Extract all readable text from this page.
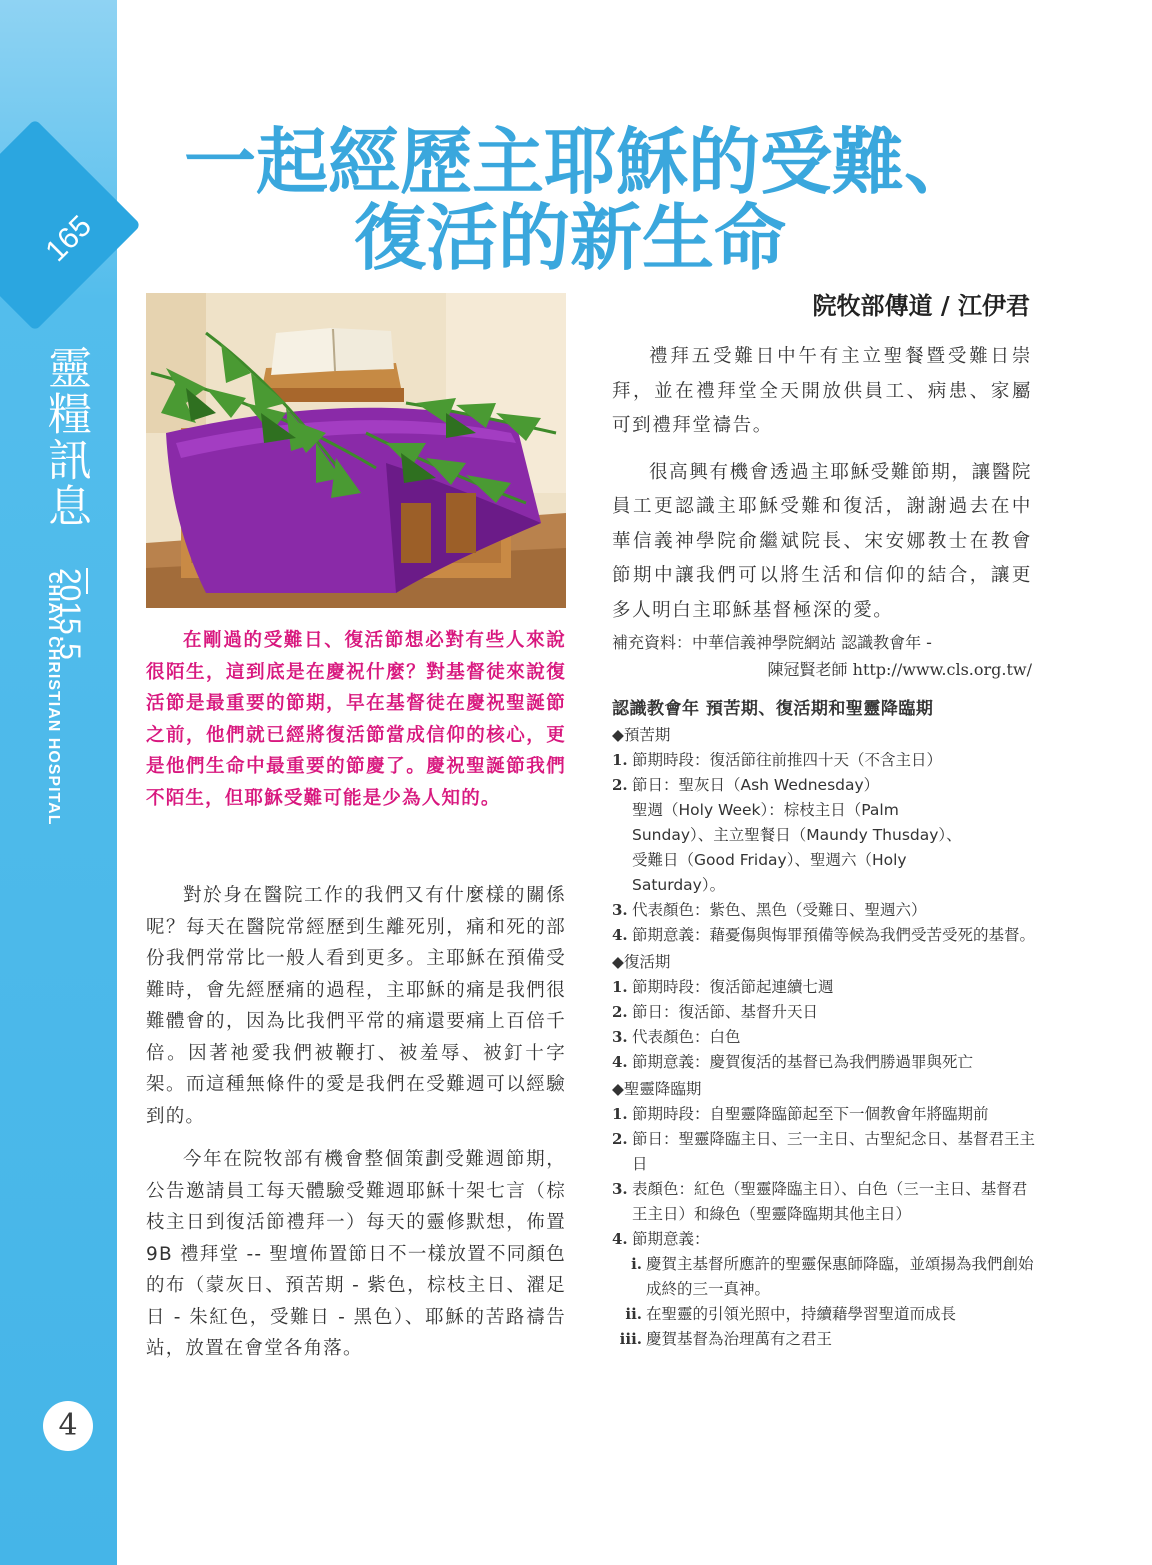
165
靈糧訊息
2015.5
CHIAYI CHRISTIAN HOSPITAL
4
一起經歷主耶穌的受難、
復活的新生命
在剛過的受難日、復活節想必對有些人來說很陌生，這到底是在慶祝什麼？對基督徒來說復活節是最重要的節期，早在基督徒在慶祝聖誕節之前，他們就已經將復活節當成信仰的核心，更是他們生命中最重要的節慶了。慶祝聖誕節我們不陌生，但耶穌受難可能是少為人知的。

對於身在醫院工作的我們又有什麼樣的關係呢？每天在醫院常經歷到生離死別，痛和死的部份我們常常比一般人看到更多。主耶穌在預備受難時，會先經歷痛的過程，主耶穌的痛是我們很難體會的，因為比我們平常的痛還要痛上百倍千倍。因著祂愛我們被鞭打、被羞辱、被釘十字架。而這種無條件的愛是我們在受難週可以經驗到的。

今年在院牧部有機會整個策劃受難週節期，公告邀請員工每天體驗受難週耶穌十架七言（棕枝主日到復活節禮拜一）每天的靈修默想，佈置 9B 禮拜堂 -- 聖壇佈置節日不一樣放置不同顏色的布（蒙灰日、預苦期 - 紫色，棕枝主日、濯足日 - 朱紅色，受難日 - 黑色）、耶穌的苦路禱告站，放置在會堂各角落。

院牧部傳道 / 江伊君

禮拜五受難日中午有主立聖餐暨受難日崇拜，並在禮拜堂全天開放供員工、病患、家屬可到禮拜堂禱告。

很高興有機會透過主耶穌受難節期，讓醫院員工更認識主耶穌受難和復活，謝謝過去在中華信義神學院俞繼斌院長、宋安娜教士在教會節期中讓我們可以將生活和信仰的結合，讓更多人明白主耶穌基督極深的愛。

補充資料：中華信義神學院網站 認識教會年 -
陳冠賢老師 http://www.cls.org.tw/
認識教會年 預苦期、復活期和聖靈降臨期
◆預苦期
1. 節期時段：復活節往前推四十天（不含主日）
2. 節日：聖灰日（Ash Wednesday）
聖週（Holy Week）：棕枝主日（Palm
Sunday）、主立聖餐日（Maundy Thusday）、
受難日（Good Friday）、聖週六（Holy
Saturday）。
3. 代表顏色：紫色、黑色（受難日、聖週六）
4. 節期意義：藉憂傷與悔罪預備等候為我們受苦受死的基督。
◆復活期
1. 節期時段：復活節起連續七週
2. 節日：復活節、基督升天日
3. 代表顏色：白色
4. 節期意義：慶賀復活的基督已為我們勝過罪與死亡
◆聖靈降臨期
1. 節期時段：自聖靈降臨節起至下一個教會年將臨期前
2. 節日：聖靈降臨主日、三一主日、古聖紀念日、基督君王主日
3. 表顏色：紅色（聖靈降臨主日）、白色（三一主日、基督君王主日）和綠色（聖靈降臨期其他主日）
4. 節期意義：
i. 慶賀主基督所應許的聖靈保惠師降臨，並頌揚為我們創始成終的三一真神。
ii. 在聖靈的引領光照中，持續藉學習聖道而成長
iii. 慶賀基督為治理萬有之君王
